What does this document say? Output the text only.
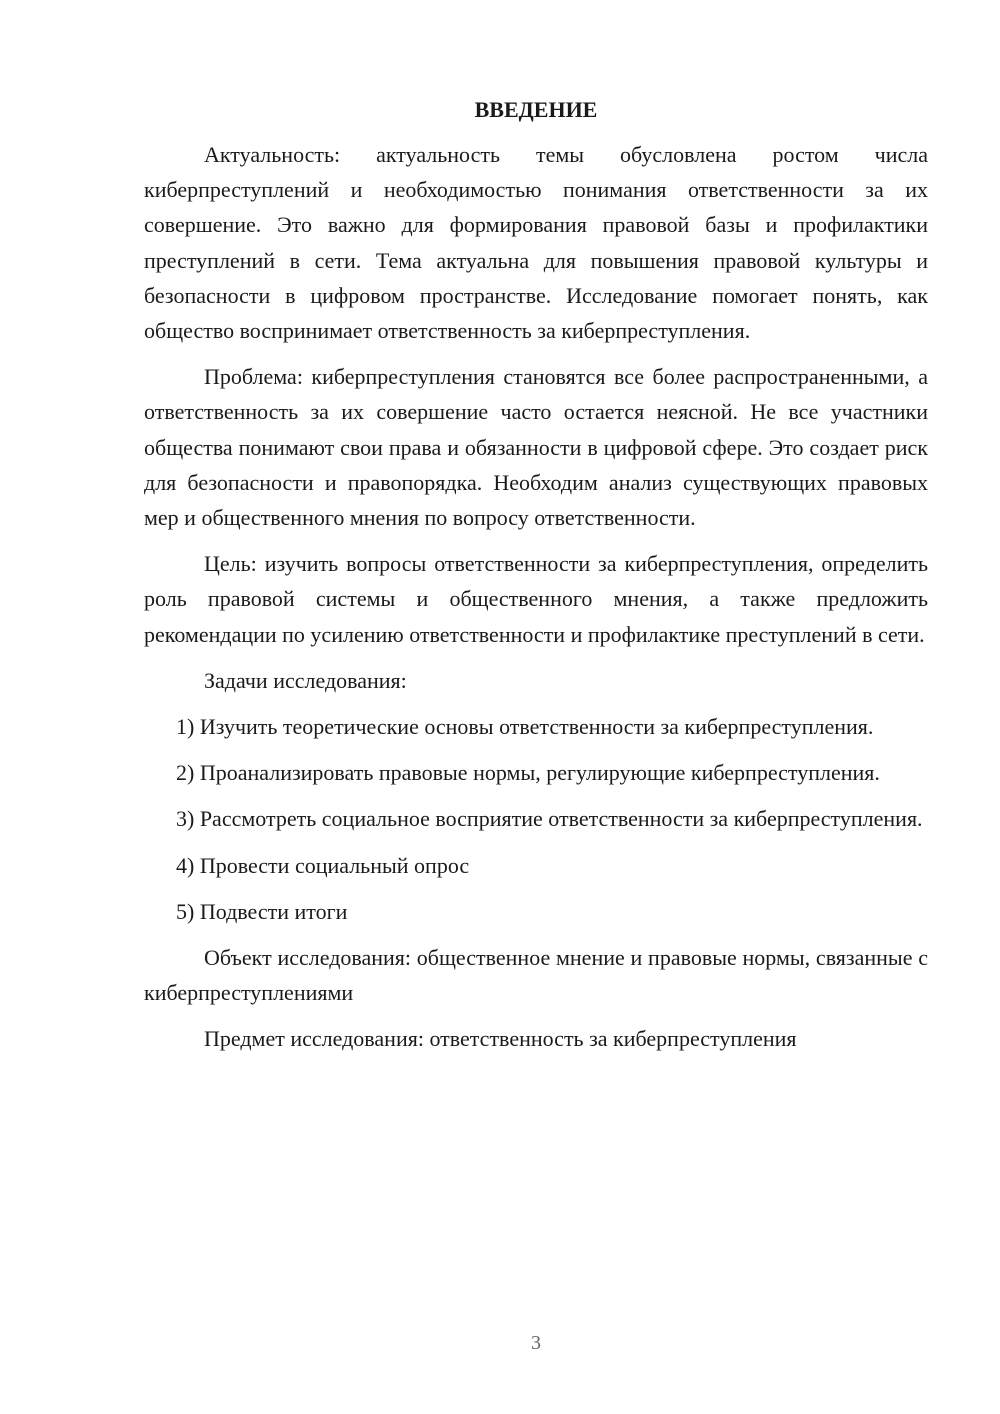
ВВЕДЕНИЕ

Актуальность: актуальность темы обусловлена ростом числа киберпреступлений и необходимостью понимания ответственности за их совершение. Это важно для формирования правовой базы и профилактики преступлений в сети. Тема актуальна для повышения правовой культуры и безопасности в цифровом пространстве. Исследование помогает понять, как общество воспринимает ответственность за киберпреступления.

Проблема: киберпреступления становятся все более распространенными, а ответственность за их совершение часто остается неясной. Не все участники общества понимают свои права и обязанности в цифровой сфере. Это создает риск для безопасности и правопорядка. Необходим анализ существующих правовых мер и общественного мнения по вопросу ответственности.

Цель: изучить вопросы ответственности за киберпреступления, определить роль правовой системы и общественного мнения, а также предложить рекомендации по усилению ответственности и профилактике преступлений в сети.

Задачи исследования:

1) Изучить теоретические основы ответственности за киберпреступления.

2) Проанализировать правовые нормы, регулирующие киберпреступления.

3) Рассмотреть социальное восприятие ответственности за киберпреступления.

4) Провести социальный опрос

5) Подвести итоги

Объект исследования: общественное мнение и правовые нормы, связанные с киберпреступлениями

Предмет исследования: ответственность за киберпреступления

3
